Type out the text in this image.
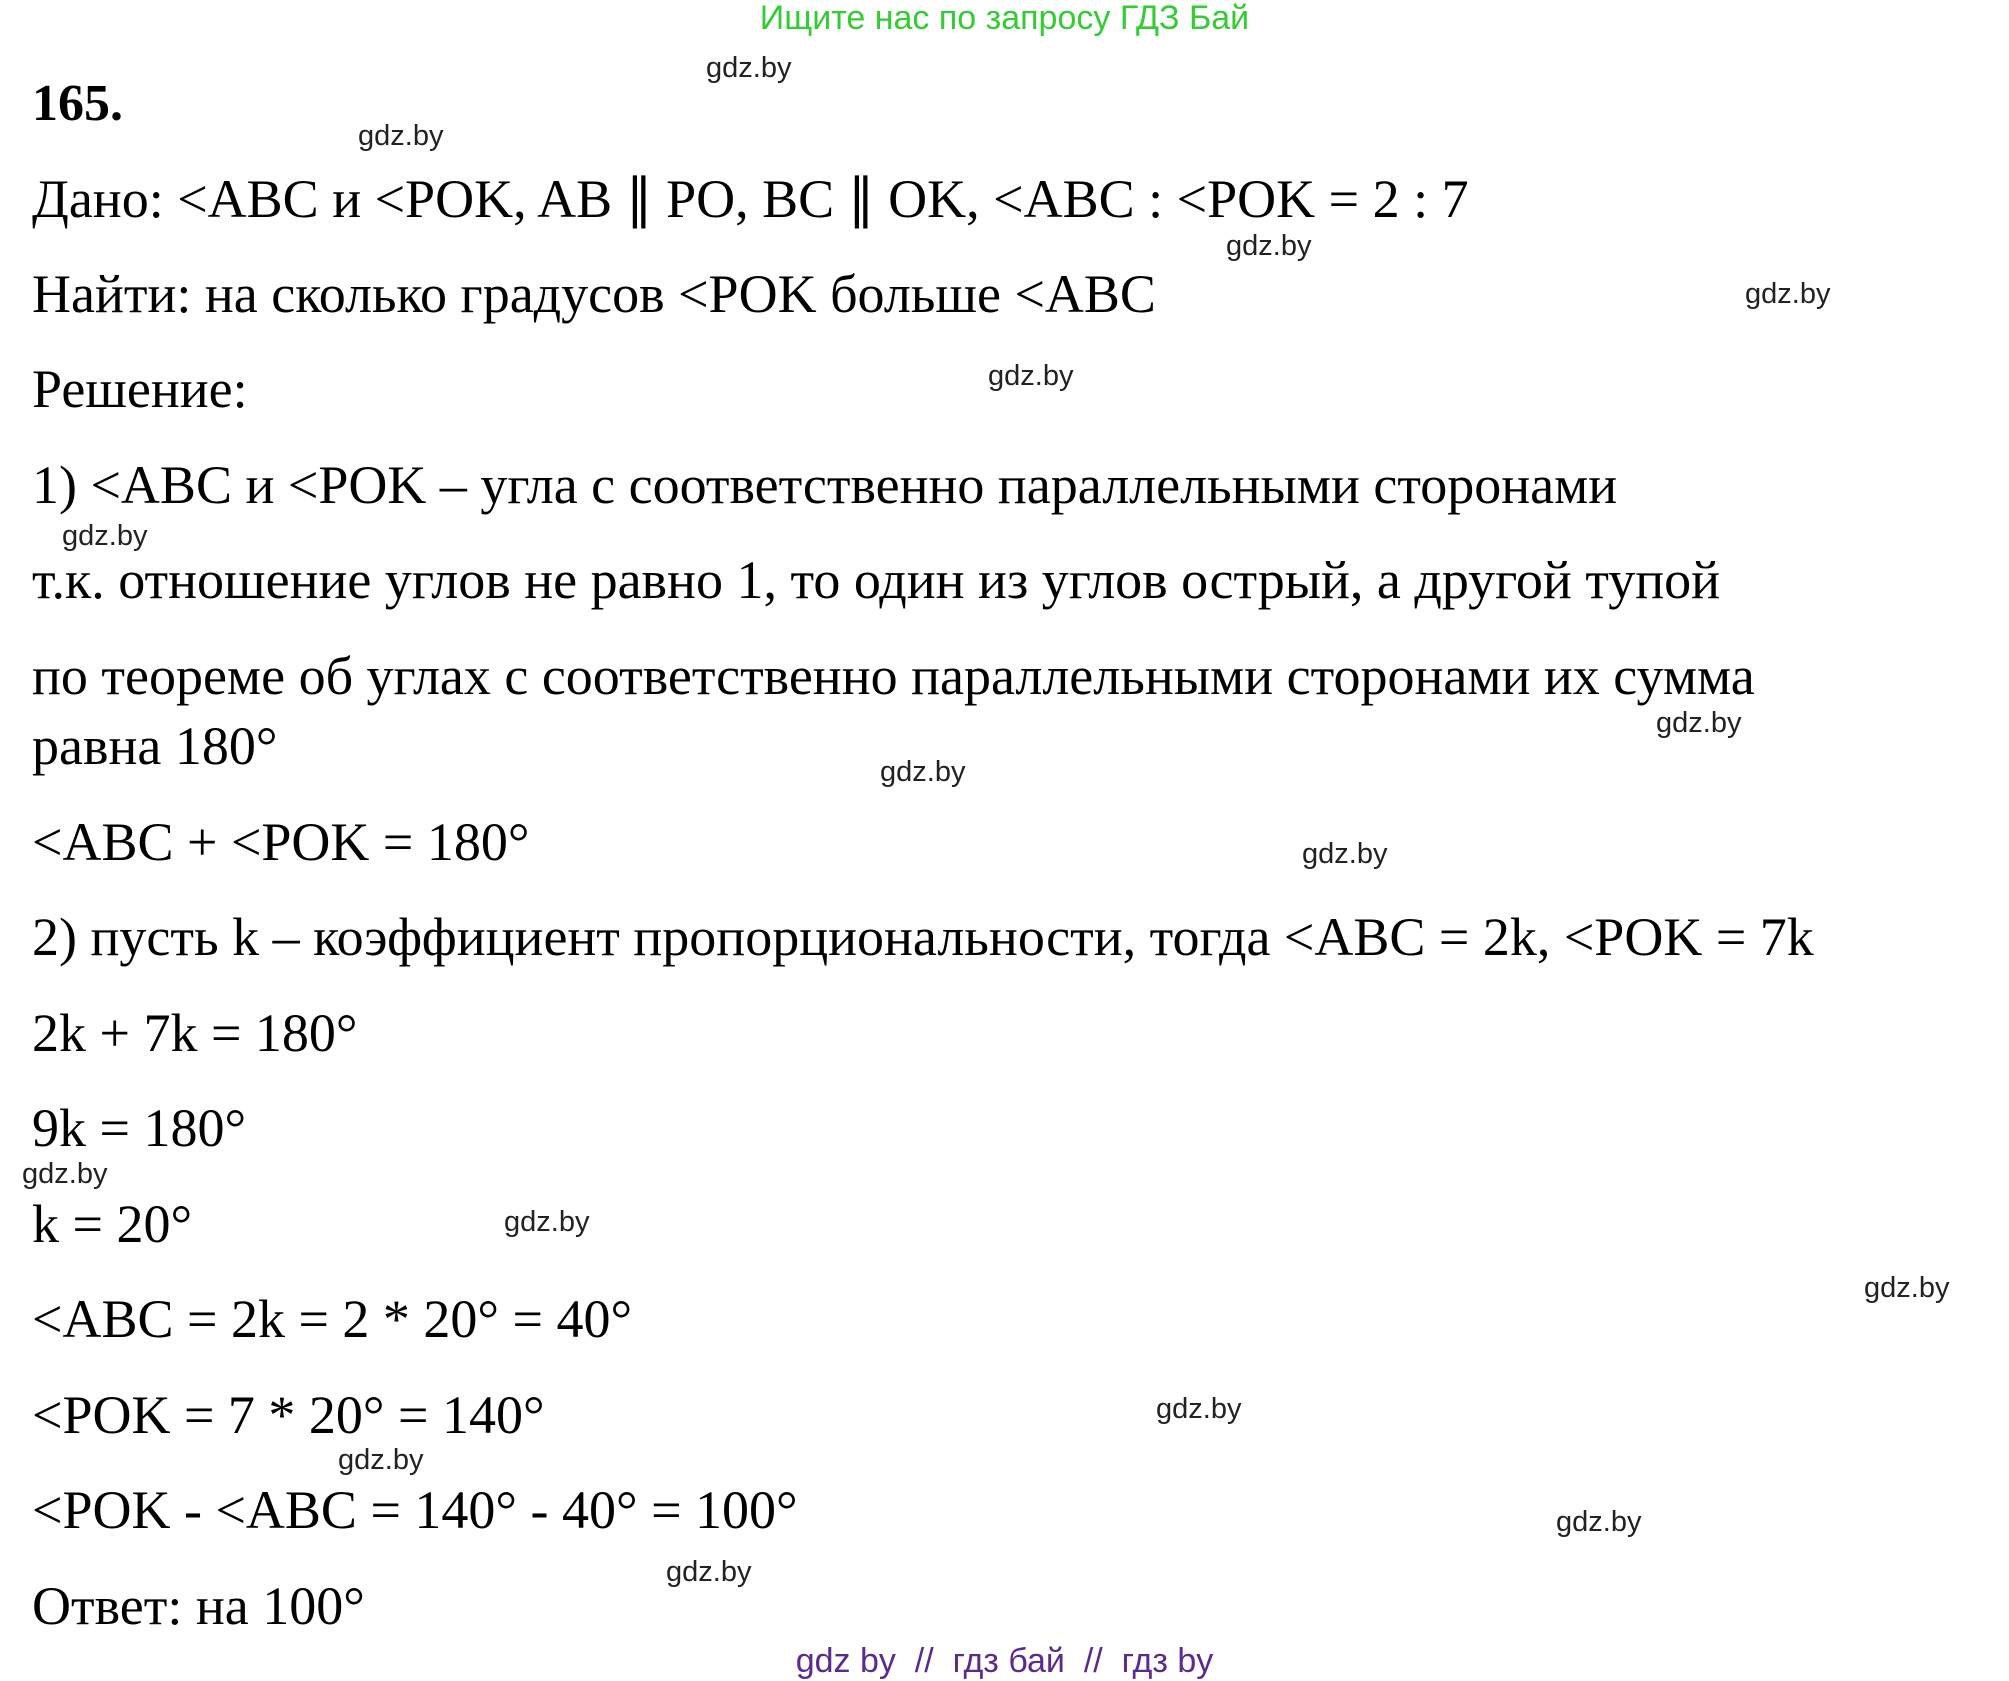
Ищите нас по запросу ГДЗ Бай
165.
Дано: <ABC и <POK, AB ∥ PO, BC ∥ OK, <ABC : <POK = 2 : 7
Найти: на сколько градусов <POK больше <ABC
Решение:
1) <ABC и <POK – угла с соответственно параллельными сторонами
т.к. отношение углов не равно 1, то один из углов острый, а другой тупой
по теореме об углах с соответственно параллельными сторонами их сумма
равна 180°
<ABC + <POK = 180°
2) пусть k – коэффициент пропорциональности, тогда <ABC = 2k, <POK = 7k
2k + 7k = 180°
9k = 180°
k = 20°
<ABC = 2k = 2 * 20° = 40°
<POK = 7 * 20° = 140°
<POK - <ABC = 140° - 40° = 100°
Ответ: на 100°
gdz.by
gdz.by
gdz.by
gdz.by
gdz.by
gdz.by
gdz.by
gdz.by
gdz.by
gdz.by
gdz.by
gdz.by
gdz.by
gdz.by
gdz.by
gdz.by
gdz by  //  гдз бай  //  гдз by
